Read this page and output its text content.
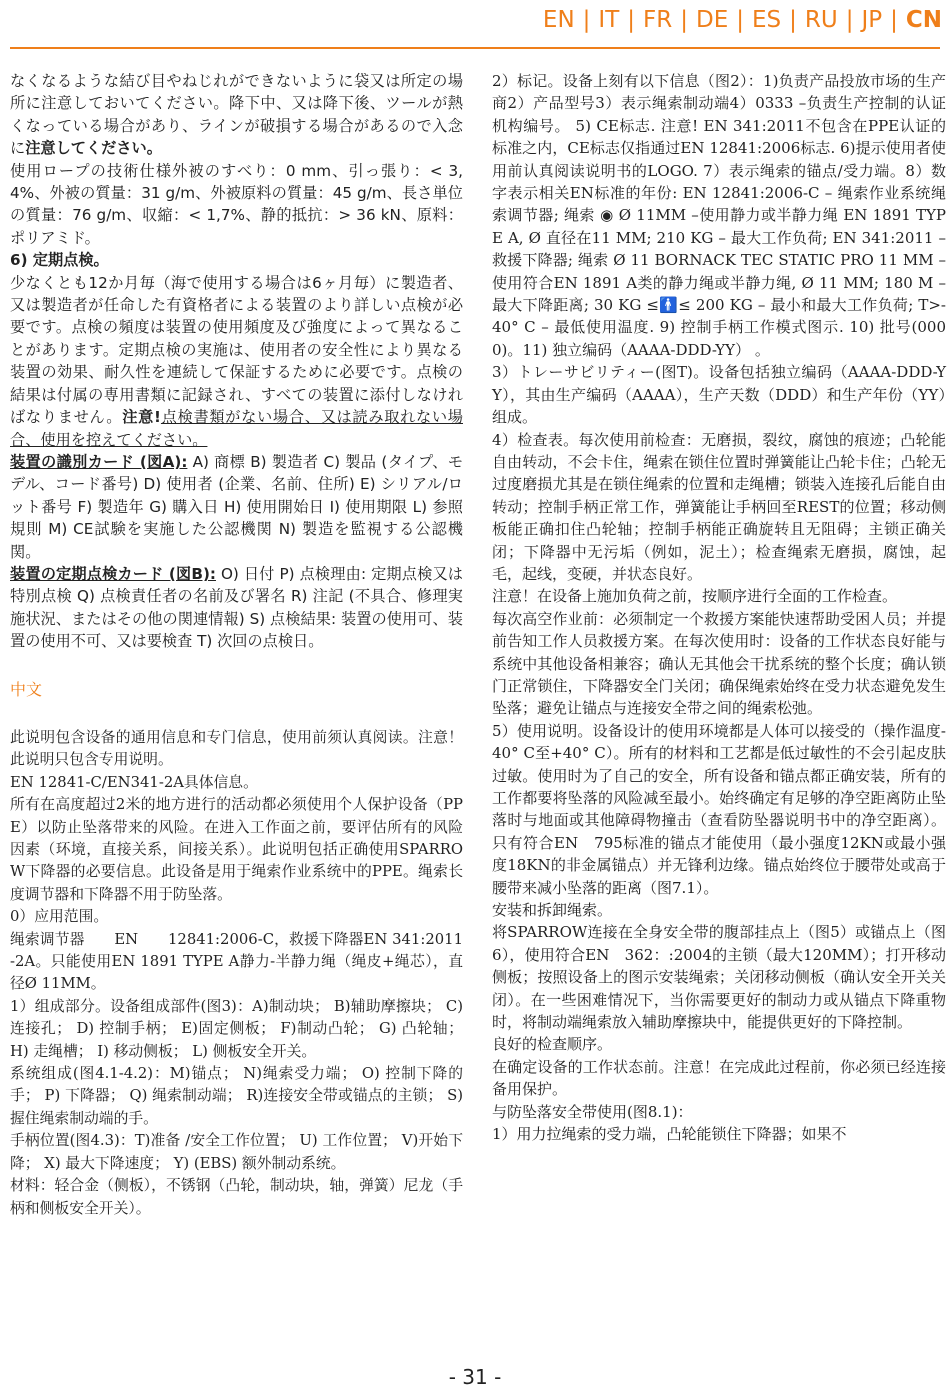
EN | IT | FR | DE | ES | RU | JP | CN

なくなるような結び目やねじれができないように袋又は所定の場所に注意しておいてください。降下中、又は降下後、ツールが熱くなっている場合があり、ラインが破損する場合があるので入念に注意してください。

使用ロープの技術仕様外被のすべり：0 mm、引っ張り：< 3,4%、外被の質量：31 g/m、外被原料の質量：45 g/m、長さ単位の質量：76 g/m、収縮：< 1,7%、静的抵抗：> 36 kN、原料：ポリアミド。

6) 定期点検。

少なくとも12か月毎（海で使用する場合は6ヶ月毎）に製造者、又は製造者が任命した有資格者による装置のより詳しい点検が必要です。点検の頻度は装置の使用頻度及び強度によって異なることがあります。定期点検の実施は、使用者の安全性により異なる装置の効果、耐久性を連続して保証するために必要です。点検の結果は付属の専用書類に記録され、すべての装置に添付しなければなりません。注意!点検書類がない場合、又は読み取れない場合、使用を控えてください。

装置の識別カード (図A): A) 商標 B) 製造者 C) 製品 (タイプ、モデル、コード番号) D) 使用者 (企業、名前、住所) E) シリアル/ロット番号 F) 製造年 G) 購入日 H) 使用開始日 I) 使用期限 L) 参照規則 M) CE試験を実施した公認機関 N) 製造を監視する公認機関。

装置の定期点検カード (図B): O) 日付 P) 点検理由: 定期点検又は特別点検 Q) 点検責任者の名前及び署名 R) 注記 (不具合、修理実施状況、またはその他の関連情報) S) 点検結果: 装置の使用可、装置の使用不可、又は要検査 T) 次回の点検日。

中文

此说明包含设备的通用信息和专门信息，使用前须认真阅读。注意！此说明只包含专用说明。

EN 12841-C/EN341-2A具体信息。

所有在高度超过2米的地方进行的活动都必须使用个人保护设备（PPE）以防止坠落带来的风险。在进入工作面之前，要评估所有的风险因素（环境，直接关系，间接关系）。此说明包括正确使用SPARROW下降器的必要信息。此设备是用于绳索作业系统中的PPE。绳索长度调节器和下降器不用于防坠落。

0）应用范围。

绳索调节器　　EN　　12841:2006-C，救援下降器EN 341:2011-2A。只能使用EN 1891 TYPE A静力-半静力绳（绳皮+绳芯），直径Ø 11MM。

1）组成部分。设备组成部件(图3)：A)制动块； B)辅助摩擦块； C)连接孔； D) 控制手柄； E)固定侧板； F)制动凸轮； G) 凸轮轴； H) 走绳槽； I) 移动侧板； L) 侧板安全开关。

系统组成(图4.1-4.2)：M)锚点； N)绳索受力端； O) 控制下降的手； P) 下降器； Q) 绳索制动端； R)连接安全带或锚点的主锁； S) 握住绳索制动端的手。

手柄位置(图4.3)：T)准备 /安全工作位置； U) 工作位置； V)开始下降； X) 最大下降速度； Y) (EBS) 额外制动系统。

材料：轻合金（侧板），不锈钢（凸轮，制动块，轴，弹簧）尼龙（手柄和侧板安全开关）。

2）标记。设备上刻有以下信息（图2）：1)负责产品投放市场的生产商2）产品型号3）表示绳索制动端4）0333 –负责生产控制的认证机构编号。 5) CE标志. 注意! EN 341:2011不包含在PPE认证的标准之内，CE标志仅指通过EN 12841:2006标志. 6)提示使用者使用前认真阅读说明书的LOGO. 7）表示绳索的锚点/受力端。8）数字表示相关EN标准的年份: EN 12841:2006-C – 绳索作业系统绳索调节器; 绳索 ◉ Ø 11MM –使用静力或半静力绳 EN 1891 TYPE A, Ø 直径在11 MM; 210 KG – 最大工作负荷; EN 341:2011 – 救援下降器; 绳索 Ø 11 BORNACK TEC STATIC PRO 11 MM – 使用符合EN 1891 A类的静力绳或半静力绳, Ø 11 MM; 180 M – 最大下降距离; 30 KG ≤🚹≤ 200 KG – 最小和最大工作负荷; T>-40° C – 最低使用温度. 9) 控制手柄工作模式图示. 10) 批号(0000)。11) 独立编码（AAAA-DDD-YY） 。

3）トレーサビリティー(图T)。设备包括独立编码（AAAA-DDD-YY），其由生产编码（AAAA），生产天数（DDD）和生产年份（YY）组成。

4）检查表。每次使用前检查：无磨损，裂纹，腐蚀的痕迹；凸轮能自由转动，不会卡住，绳索在锁住位置时弹簧能让凸轮卡住；凸轮无过度磨损尤其是在锁住绳索的位置和走绳槽；锁装入连接孔后能自由转动；控制手柄正常工作，弹簧能让手柄回至REST的位置；移动侧板能正确扣住凸轮轴；控制手柄能正确旋转且无阻碍；主锁正确关闭；下降器中无污垢（例如，泥土）；检查绳索无磨损，腐蚀，起毛，起线，变硬，并状态良好。

注意！在设备上施加负荷之前，按顺序进行全面的工作检查。

每次高空作业前：必须制定一个救援方案能快速帮助受困人员；并提前告知工作人员救援方案。在每次使用时：设备的工作状态良好能与系统中其他设备相兼容；确认无其他会干扰系统的整个长度；确认锁门正常锁住，下降器安全门关闭；确保绳索始终在受力状态避免发生坠落；避免让锚点与连接安全带之间的绳索松弛。

5）使用说明。设备设计的使用环境都是人体可以接受的（操作温度-40° C至+40° C）。所有的材料和工艺都是低过敏性的不会引起皮肤过敏。使用时为了自己的安全，所有设备和锚点都正确安装，所有的工作都要将坠落的风险减至最小。始终确定有足够的净空距离防止坠落时与地面或其他障碍物撞击（查看防坠器说明书中的净空距离）。只有符合EN　795标准的锚点才能使用（最小强度12KN或最小强度18KN的非金属锚点）并无锋利边缘。锚点始终位于腰带处或高于腰带来减小坠落的距离（图7.1）。

安装和拆卸绳索。

将SPARROW连接在全身安全带的腹部挂点上（图5）或锚点上（图6），使用符合EN　362：:2004的主锁（最大120MM）；打开移动侧板；按照设备上的图示安装绳索；关闭移动侧板（确认安全开关关闭）。在一些困难情况下，当你需要更好的制动力或从锚点下降重物时，将制动端绳索放入辅助摩擦块中，能提供更好的下降控制。

良好的检查顺序。

在确定设备的工作状态前。注意！在完成此过程前，你必须已经连接备用保护。

与防坠落安全带使用(图8.1)：

1）用力拉绳索的受力端，凸轮能锁住下降器；如果不

- 31 -
